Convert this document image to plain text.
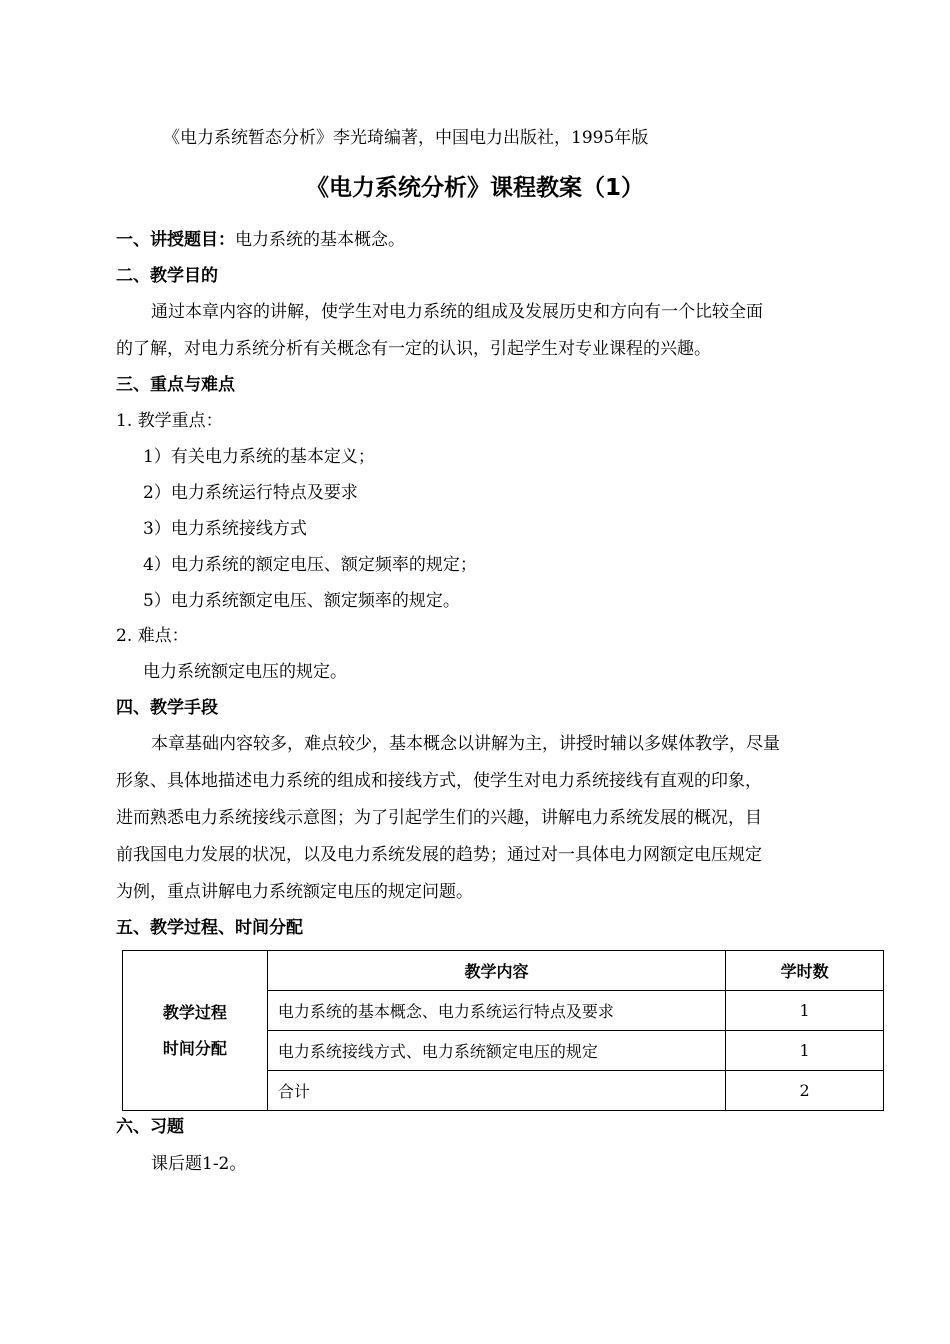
《电力系统暂态分析》李光琦编著，中国电力出版社，1995年版
《电力系统分析》课程教案（1）
一、讲授题目：电力系统的基本概念。
二、教学目的
通过本章内容的讲解，使学生对电力系统的组成及发展历史和方向有一个比较全面
的了解，对电力系统分析有关概念有一定的认识，引起学生对专业课程的兴趣。
三、重点与难点
1. 教学重点：
1）有关电力系统的基本定义；
2）电力系统运行特点及要求
3）电力系统接线方式
4）电力系统的额定电压、额定频率的规定；
5）电力系统额定电压、额定频率的规定。
2. 难点：
电力系统额定电压的规定。
四、教学手段
本章基础内容较多，难点较少，基本概念以讲解为主，讲授时辅以多媒体教学，尽量
形象、具体地描述电力系统的组成和接线方式，使学生对电力系统接线有直观的印象，
进而熟悉电力系统接线示意图；为了引起学生们的兴趣，讲解电力系统发展的概况，目
前我国电力发展的状况，以及电力系统发展的趋势；通过对一具体电力网额定电压规定
为例，重点讲解电力系统额定电压的规定问题。
五、教学过程、时间分配
教学过程
时间分配	教学内容	学时数
	电力系统的基本概念、电力系统运行特点及要求	1
	电力系统接线方式、电力系统额定电压的规定	1
	合计	2
六、习题
课后题1-2。
